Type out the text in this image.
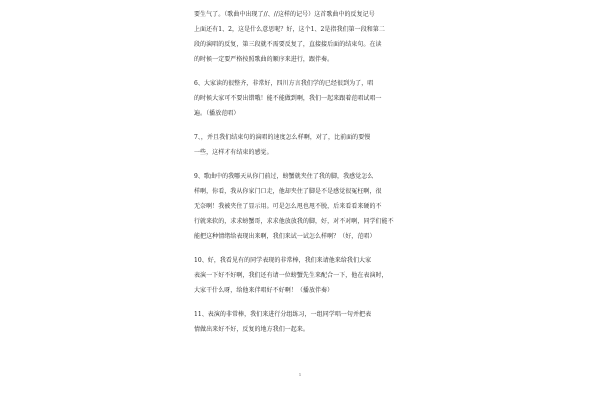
要生气了。（歌曲中出现了//、//这样的记号）这首歌曲中的反复记号
上面还有1、2，这是什么意思呢？好，这个1、2是指我们第一段和第二
段的演唱的反复，第三段就不需要反复了，直接接后面的结束句。在读
的时候一定要严格按照歌曲的顺序来进行，跟伴奏。
6、大家读的很整齐，非常好，四川方言我们学的已经很到为了，唱
的时候大家可不要出错哦！能不能做到啊，我们一起来跟着范唱试唱一
遍。（播放范唱）
7、，并且我们结束句的演唱的速度怎么样啊，对了，比前面的要慢
一些，这样才有结束的感觉。
9、歌曲中的我哪天从你门前过，螃蟹就夹住了我的脚，我感觉怎么
样啊，你看，我从你家门口走，他却夹住了脚是不是感觉很冤枉啊，很
无奈啊！我被夹住了显示用。可是怎么甩也甩不脱，后来看看来硬的不
行就来软的，求求螃蟹哥，求求他放放我的脚，好，对不对啊，同学们能不
能把这种情绪给表现出来啊，我们来试一试怎么样啊？（好，范唱）
10、好，我看见有的同学表现的非常棒，我们来请他来给我们大家
表演一下好不好啊，我们还有请一位螃蟹先生来配合一下，他在表演时，
大家干什么呀，给他来伴唱好不好啊！（播放伴奏）
11、表演的非常棒，我们来进行分组练习，一组同学唱一句并把表
情做出来好不好，反复的地方我们一起来。
1
